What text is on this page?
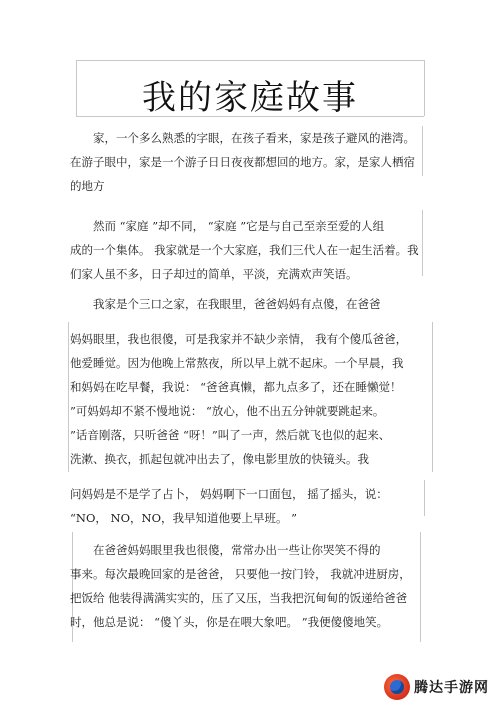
我的家庭故事
家，一个多么熟悉的字眼，在孩子看来，家是孩子避风的港湾。
在游子眼中，家是一个游子日日夜夜都想回的地方。家，是家人栖宿
的地方
然而 “家庭 ”却不同， “家庭 ”它是与自己至亲至爱的人组
成的一个集体。 我家就是一个大家庭，我们三代人在一起生活着。我
们家人虽不多，日子却过的简单，平淡，充满欢声笑语。
我家是个三口之家，在我眼里，爸爸妈妈有点傻，在爸爸
妈妈眼里，我也很傻，可是我家并不缺少亲情， 我有个傻瓜爸爸，
他爱睡觉。因为他晚上常熬夜，所以早上就不起床。一个早晨，我
和妈妈在吃早餐，我说： “爸爸真懒，都九点多了，还在睡懒觉！
”可妈妈却不紧不慢地说： “放心，他不出五分钟就要跳起来。
”话音刚落，只听爸爸 “呀！”叫了一声，然后就飞也似的起来、
洗漱、换衣，抓起包就冲出去了，像电影里放的快镜头。我
问妈妈是不是学了占卜， 妈妈啊下一口面包， 摇了摇头，说：
“NO， NO，NO，我早知道他要上早班。 ”
在爸爸妈妈眼里我也很傻，常常办出一些让你哭笑不得的
事来。每次最晚回家的是爸爸， 只要他一按门铃， 我就冲进厨房，
把饭给 他装得满满实实的，压了又压，当我把沉甸甸的饭递给爸爸
时，他总是说： “傻丫头，你是在喂大象吧。 ”我便傻傻地笑。
腾达手游网
